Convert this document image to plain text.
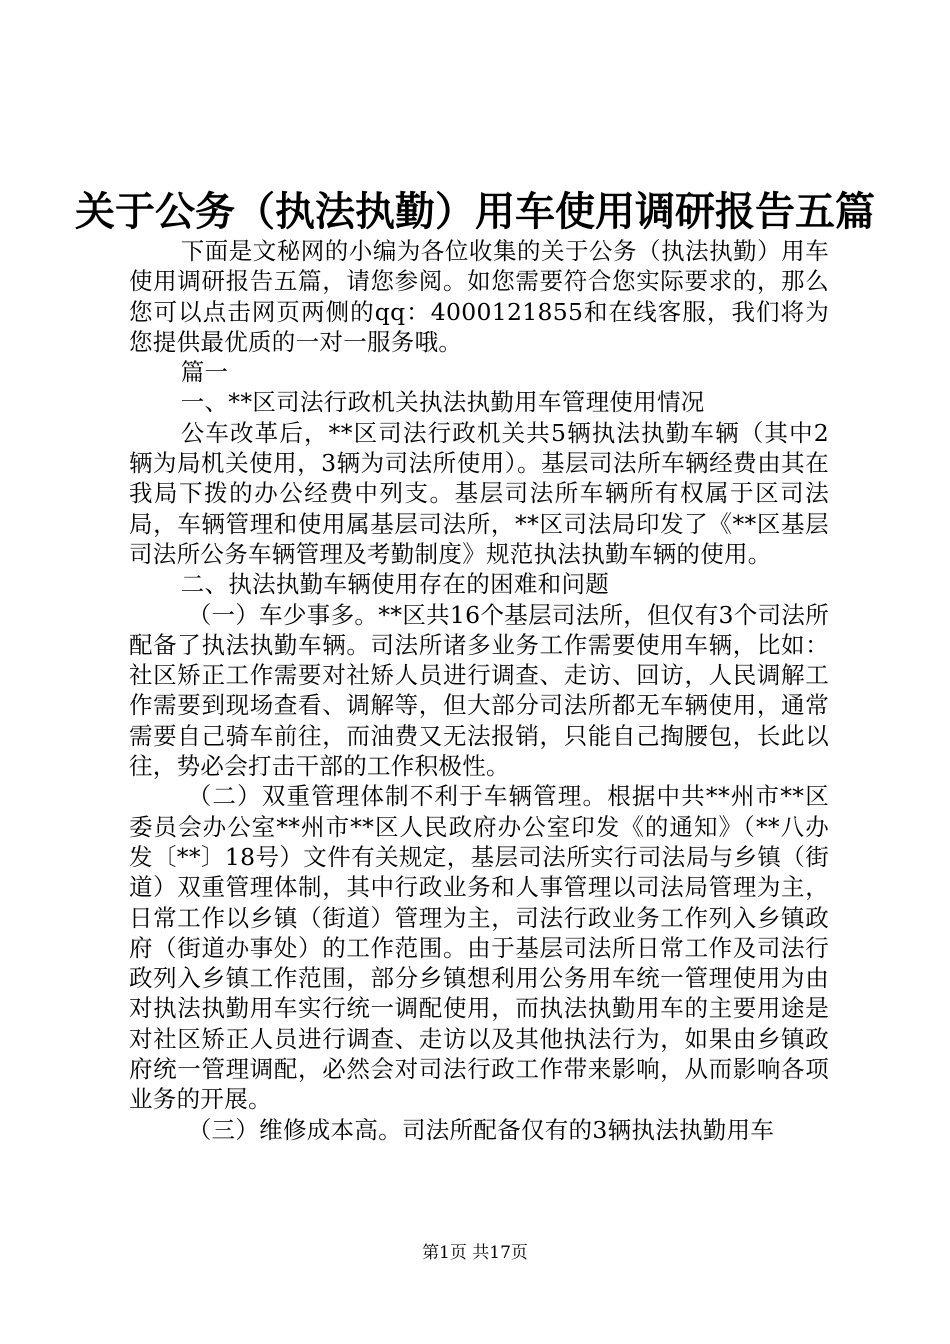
关于公务（执法执勤）用车使用调研报告五篇

下面是文秘网的小编为各位收集的关于公务（执法执勤）用车使用调研报告五篇，请您参阅。如您需要符合您实际要求的，那么您可以点击网页两侧的qq：4000121855和在线客服，我们将为您提供最优质的一对一服务哦。

篇一

一、**区司法行政机关执法执勤用车管理使用情况

公车改革后，**区司法行政机关共5辆执法执勤车辆（其中2辆为局机关使用，3辆为司法所使用）。基层司法所车辆经费由其在我局下拨的办公经费中列支。基层司法所车辆所有权属于区司法局，车辆管理和使用属基层司法所，**区司法局印发了《**区基层司法所公务车辆管理及考勤制度》规范执法执勤车辆的使用。

二、执法执勤车辆使用存在的困难和问题

（一）车少事多。**区共16个基层司法所，但仅有3个司法所配备了执法执勤车辆。司法所诸多业务工作需要使用车辆，比如：社区矫正工作需要对社矫人员进行调查、走访、回访，人民调解工作需要到现场查看、调解等，但大部分司法所都无车辆使用，通常需要自己骑车前往，而油费又无法报销，只能自己掏腰包，长此以往，势必会打击干部的工作积极性。

（二）双重管理体制不利于车辆管理。根据中共**州市**区委员会办公室**州市**区人民政府办公室印发《的通知》（**八办发〔**〕18号）文件有关规定，基层司法所实行司法局与乡镇（街道）双重管理体制，其中行政业务和人事管理以司法局管理为主，日常工作以乡镇（街道）管理为主，司法行政业务工作列入乡镇政府（街道办事处）的工作范围。由于基层司法所日常工作及司法行政列入乡镇工作范围，部分乡镇想利用公务用车统一管理使用为由对执法执勤用车实行统一调配使用，而执法执勤用车的主要用途是对社区矫正人员进行调查、走访以及其他执法行为，如果由乡镇政府统一管理调配，必然会对司法行政工作带来影响，从而影响各项业务的开展。

（三）维修成本高。司法所配备仅有的3辆执法执勤用车

第1页 共17页
